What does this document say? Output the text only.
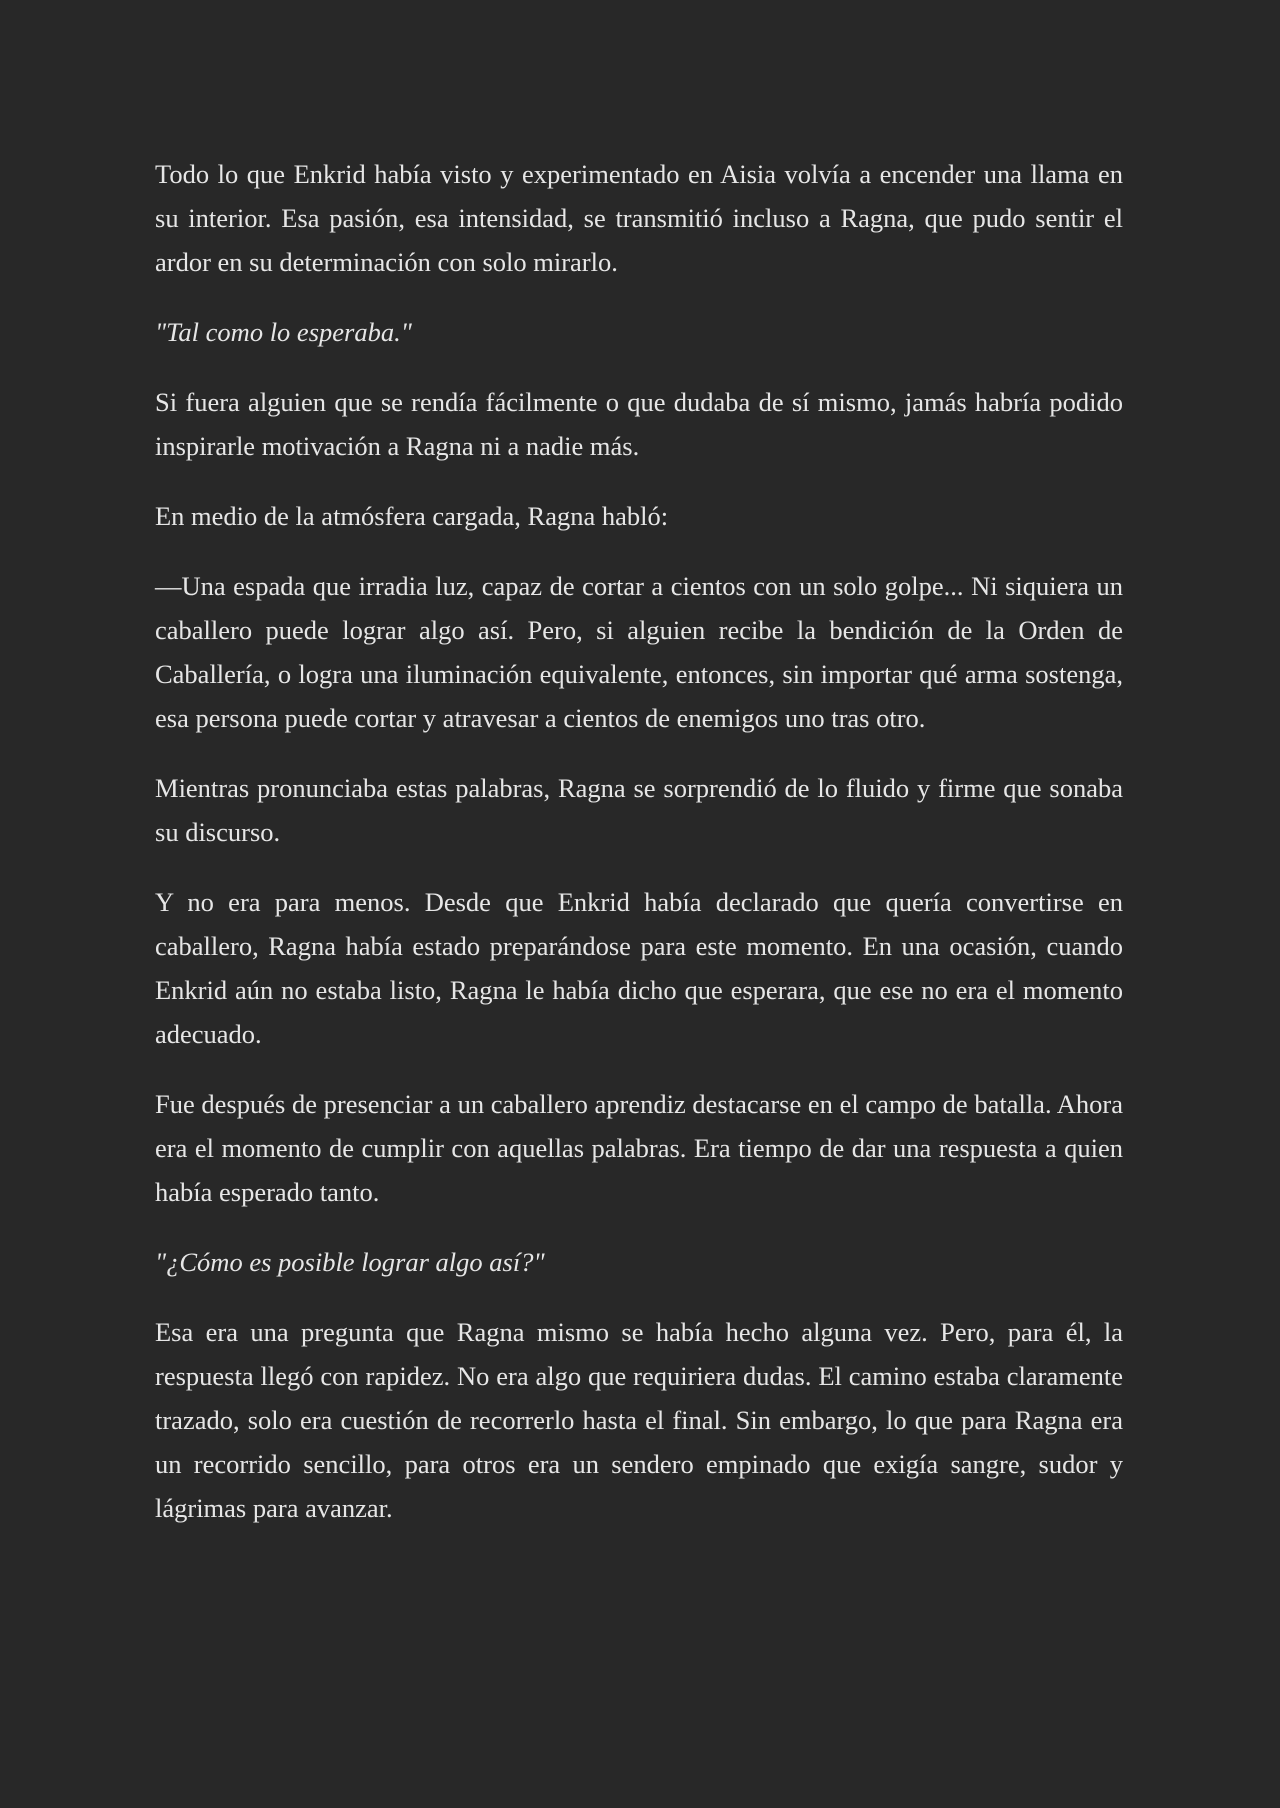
Todo lo que Enkrid había visto y experimentado en Aisia volvía a encender una llama en su interior. Esa pasión, esa intensidad, se transmitió incluso a Ragna, que pudo sentir el ardor en su determinación con solo mirarlo.

"Tal como lo esperaba."

Si fuera alguien que se rendía fácilmente o que dudaba de sí mismo, jamás habría podido inspirarle motivación a Ragna ni a nadie más.

En medio de la atmósfera cargada, Ragna habló:

—Una espada que irradia luz, capaz de cortar a cientos con un solo golpe... Ni siquiera un caballero puede lograr algo así. Pero, si alguien recibe la bendición de la Orden de Caballería, o logra una iluminación equivalente, entonces, sin importar qué arma sostenga, esa persona puede cortar y atravesar a cientos de enemigos uno tras otro.

Mientras pronunciaba estas palabras, Ragna se sorprendió de lo fluido y firme que sonaba su discurso.

Y no era para menos. Desde que Enkrid había declarado que quería convertirse en caballero, Ragna había estado preparándose para este momento. En una ocasión, cuando Enkrid aún no estaba listo, Ragna le había dicho que esperara, que ese no era el momento adecuado.

Fue después de presenciar a un caballero aprendiz destacarse en el campo de batalla. Ahora era el momento de cumplir con aquellas palabras. Era tiempo de dar una respuesta a quien había esperado tanto.

"¿Cómo es posible lograr algo así?"

Esa era una pregunta que Ragna mismo se había hecho alguna vez. Pero, para él, la respuesta llegó con rapidez. No era algo que requiriera dudas. El camino estaba claramente trazado, solo era cuestión de recorrerlo hasta el final. Sin embargo, lo que para Ragna era un recorrido sencillo, para otros era un sendero empinado que exigía sangre, sudor y lágrimas para avanzar.
